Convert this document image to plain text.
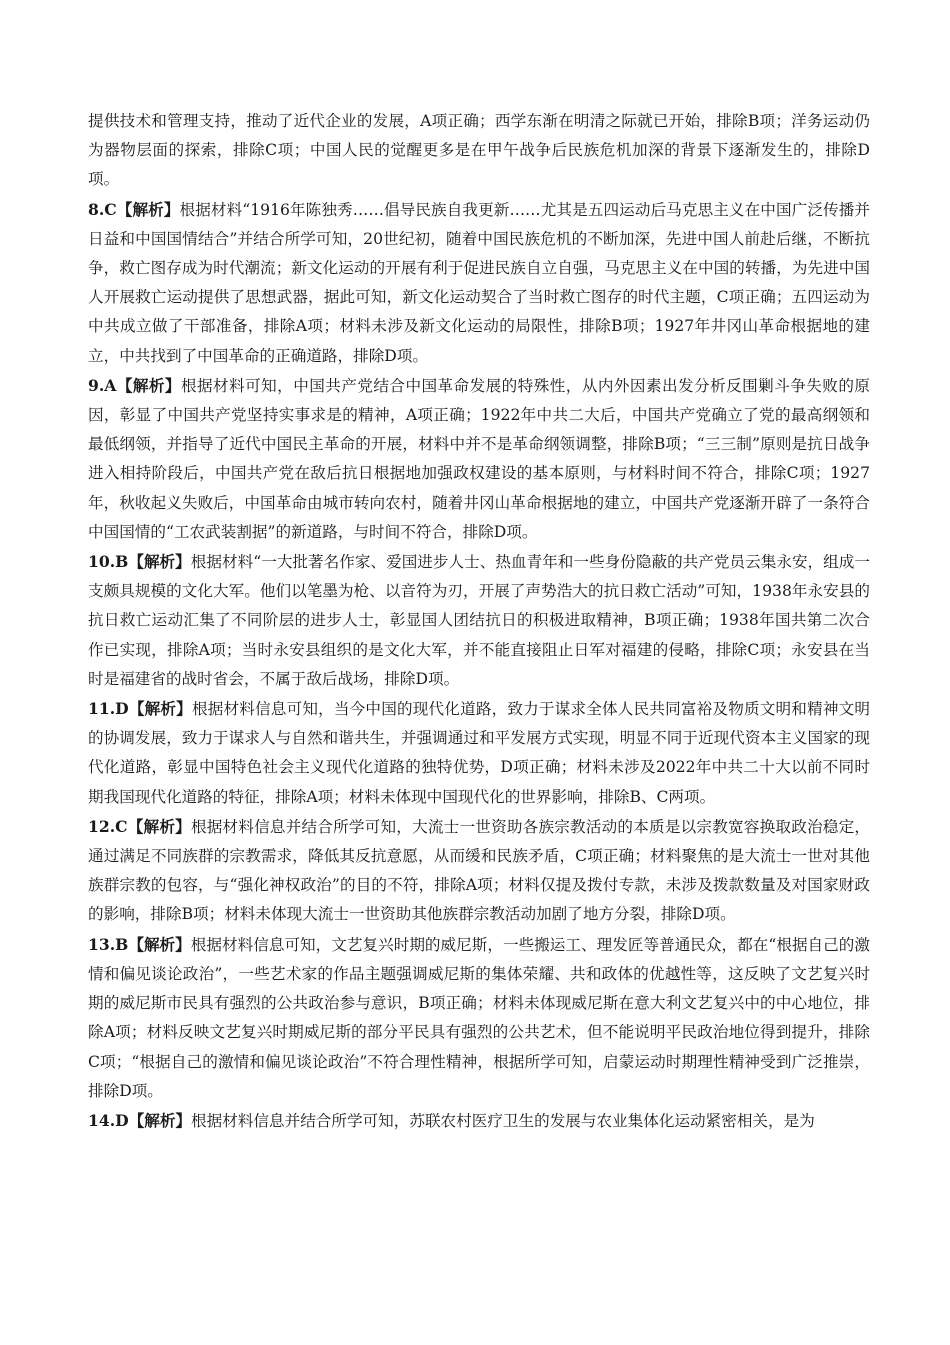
提供技术和管理支持，推动了近代企业的发展，A项正确；西学东渐在明清之际就已开始，排除B项；洋务运动仍为器物层面的探索，排除C项；中国人民的觉醒更多是在甲午战争后民族危机加深的背景下逐渐发生的，排除D项。

8.C【解析】根据材料“1916年陈独秀……倡导民族自我更新……尤其是五四运动后马克思主义在中国广泛传播并日益和中国国情结合”并结合所学可知，20世纪初，随着中国民族危机的不断加深，先进中国人前赴后继，不断抗争，救亡图存成为时代潮流；新文化运动的开展有利于促进民族自立自强，马克思主义在中国的转播，为先进中国人开展救亡运动提供了思想武器，据此可知，新文化运动契合了当时救亡图存的时代主题，C项正确；五四运动为中共成立做了干部准备，排除A项；材料未涉及新文化运动的局限性，排除B项；1927年井冈山革命根据地的建立，中共找到了中国革命的正确道路，排除D项。

9.A【解析】根据材料可知，中国共产党结合中国革命发展的特殊性，从内外因素出发分析反围剿斗争失败的原因，彰显了中国共产党坚持实事求是的精神，A项正确；1922年中共二大后，中国共产党确立了党的最高纲领和最低纲领，并指导了近代中国民主革命的开展，材料中并不是革命纲领调整，排除B项；“三三制”原则是抗日战争进入相持阶段后，中国共产党在敌后抗日根据地加强政权建设的基本原则，与材料时间不符合，排除C项；1927年，秋收起义失败后，中国革命由城市转向农村，随着井冈山革命根据地的建立，中国共产党逐渐开辟了一条符合中国国情的“工农武装割据”的新道路，与时间不符合，排除D项。

10.B【解析】根据材料“一大批著名作家、爱国进步人士、热血青年和一些身份隐蔽的共产党员云集永安，组成一支颇具规模的文化大军。他们以笔墨为枪、以音符为刃，开展了声势浩大的抗日救亡活动”可知，1938年永安县的抗日救亡运动汇集了不同阶层的进步人士，彰显国人团结抗日的积极进取精神，B项正确；1938年国共第二次合作已实现，排除A项；当时永安县组织的是文化大军，并不能直接阻止日军对福建的侵略，排除C项；永安县在当时是福建省的战时省会，不属于敌后战场，排除D项。

11.D【解析】根据材料信息可知，当今中国的现代化道路，致力于谋求全体人民共同富裕及物质文明和精神文明的协调发展，致力于谋求人与自然和谐共生，并强调通过和平发展方式实现，明显不同于近现代资本主义国家的现代化道路，彰显中国特色社会主义现代化道路的独特优势，D项正确；材料未涉及2022年中共二十大以前不同时期我国现代化道路的特征，排除A项；材料未体现中国现代化的世界影响，排除B、C两项。

12.C【解析】根据材料信息并结合所学可知，大流士一世资助各族宗教活动的本质是以宗教宽容换取政治稳定，通过满足不同族群的宗教需求，降低其反抗意愿，从而缓和民族矛盾，C项正确；材料聚焦的是大流士一世对其他族群宗教的包容，与“强化神权政治”的目的不符，排除A项；材料仅提及拨付专款，未涉及拨款数量及对国家财政的影响，排除B项；材料未体现大流士一世资助其他族群宗教活动加剧了地方分裂，排除D项。

13.B【解析】根据材料信息可知，文艺复兴时期的威尼斯，一些搬运工、理发匠等普通民众，都在“根据自己的激情和偏见谈论政治”，一些艺术家的作品主题强调威尼斯的集体荣耀、共和政体的优越性等，这反映了文艺复兴时期的威尼斯市民具有强烈的公共政治参与意识，B项正确；材料未体现威尼斯在意大利文艺复兴中的中心地位，排除A项；材料反映文艺复兴时期威尼斯的部分平民具有强烈的公共艺术，但不能说明平民政治地位得到提升，排除C项；“根据自己的激情和偏见谈论政治”不符合理性精神，根据所学可知，启蒙运动时期理性精神受到广泛推崇，排除D项。

14.D【解析】根据材料信息并结合所学可知，苏联农村医疗卫生的发展与农业集体化运动紧密相关，是为
